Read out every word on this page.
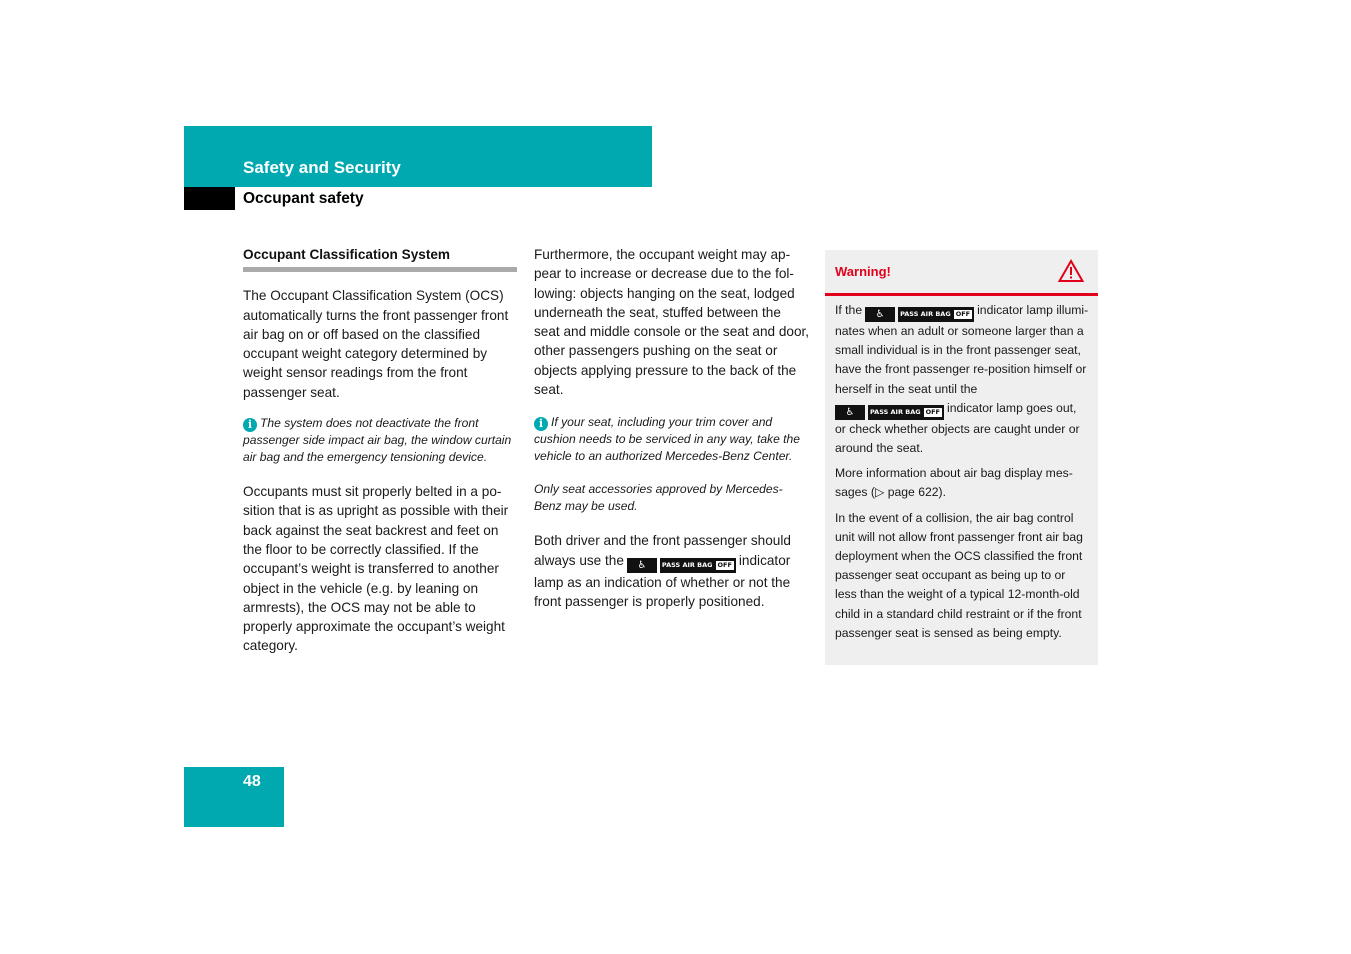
Safety and Security
Occupant safety
Occupant Classification System

The Occupant Classification System (OCS) automatically turns the front passenger front air bag on or off based on the classified occupant weight category determined by weight sensor readings from the front passenger seat.

i The system does not deactivate the front passenger side impact air bag, the window curtain air bag and the emergency tensioning device.

Occupants must sit properly belted in a position that is as upright as possible with their back against the seat backrest and feet on the floor to be correctly classified. If the occupant’s weight is transferred to another object in the vehicle (e.g. by leaning on armrests), the OCS may not be able to properly approximate the occupant’s weight category.

Furthermore, the occupant weight may appear to increase or decrease due to the following: objects hanging on the seat, lodged underneath the seat, stuffed between the seat and middle console or the seat and door, other passengers pushing on the seat or objects applying pressure to the back of the seat.

i If your seat, including your trim cover and cushion needs to be serviced in any way, take the vehicle to an authorized Mercedes-Benz Center.

Only seat accessories approved by Mercedes-Benz may be used.

Both driver and the front passenger should always use the	♿	PASS AIR BAG OFF indicator lamp as an indication of whether or not the front passenger is properly positioned.

Warning!

If the	♿	PASS AIR BAG OFF indicator lamp illuminates when an adult or someone larger than a small individual is in the front passenger seat, have the front passenger re-position himself or herself in the seat until the

♿	PASS AIR BAG OFF indicator lamp goes out, or check whether objects are caught under or around the seat.

More information about air bag display messages (▷ page 622).

In the event of a collision, the air bag control unit will not allow front passenger front air bag deployment when the OCS classified the front passenger seat occupant as being up to or less than the weight of a typical 12-month-old child in a standard child restraint or if the front passenger seat is sensed as being empty.

48
